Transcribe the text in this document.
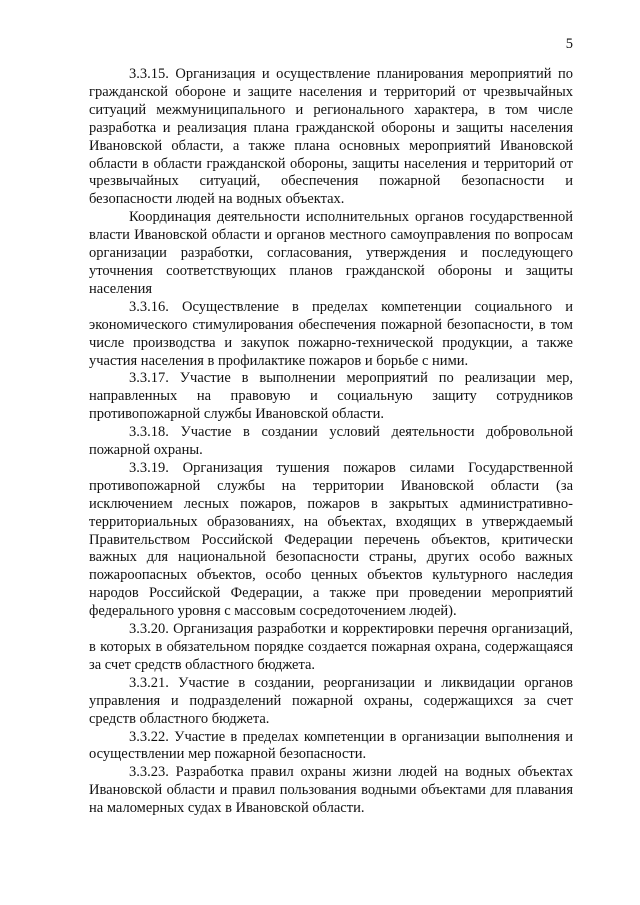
5

3.3.15. Организация и осуществление планирования мероприятий по гражданской обороне и защите населения и территорий от чрезвычайных ситуаций межмуниципального и регионального характера, в том числе разработка и реализация плана гражданской обороны и защиты населения Ивановской области, а также плана основных мероприятий Ивановской области в области гражданской обороны, защиты населения и территорий от чрезвычайных ситуаций, обеспечения пожарной безопасности и безопасности людей на водных объектах.

Координация деятельности исполнительных органов государственной власти Ивановской области и органов местного самоуправления по вопросам организации разработки, согласования, утверждения и последующего уточнения соответствующих планов гражданской обороны и защиты населения

3.3.16. Осуществление в пределах компетенции социального и экономического стимулирования обеспечения пожарной безопасности, в том числе производства и закупок пожарно-технической продукции, а также участия населения в профилактике пожаров и борьбе с ними.

3.3.17. Участие в выполнении мероприятий по реализации мер, направленных на правовую и социальную защиту сотрудников противопожарной службы Ивановской области.

3.3.18. Участие в создании условий деятельности добровольной пожарной охраны.

3.3.19. Организация тушения пожаров силами Государственной противопожарной службы на территории Ивановской области (за исключением лесных пожаров, пожаров в закрытых административно-территориальных образованиях, на объектах, входящих в утверждаемый Правительством Российской Федерации перечень объектов, критически важных для национальной безопасности страны, других особо важных пожароопасных объектов, особо ценных объектов культурного наследия народов Российской Федерации, а также при проведении мероприятий федерального уровня с массовым сосредоточением людей).

3.3.20. Организация разработки и корректировки перечня организаций, в которых в обязательном порядке создается пожарная охрана, содержащаяся за счет средств областного бюджета.

3.3.21. Участие в создании, реорганизации и ликвидации органов управления и подразделений пожарной охраны, содержащихся за счет средств областного бюджета.

3.3.22. Участие в пределах компетенции в организации выполнения и осуществлении мер пожарной безопасности.

3.3.23. Разработка правил охраны жизни людей на водных объектах Ивановской области и правил пользования водными объектами для плавания на маломерных судах в Ивановской области.
